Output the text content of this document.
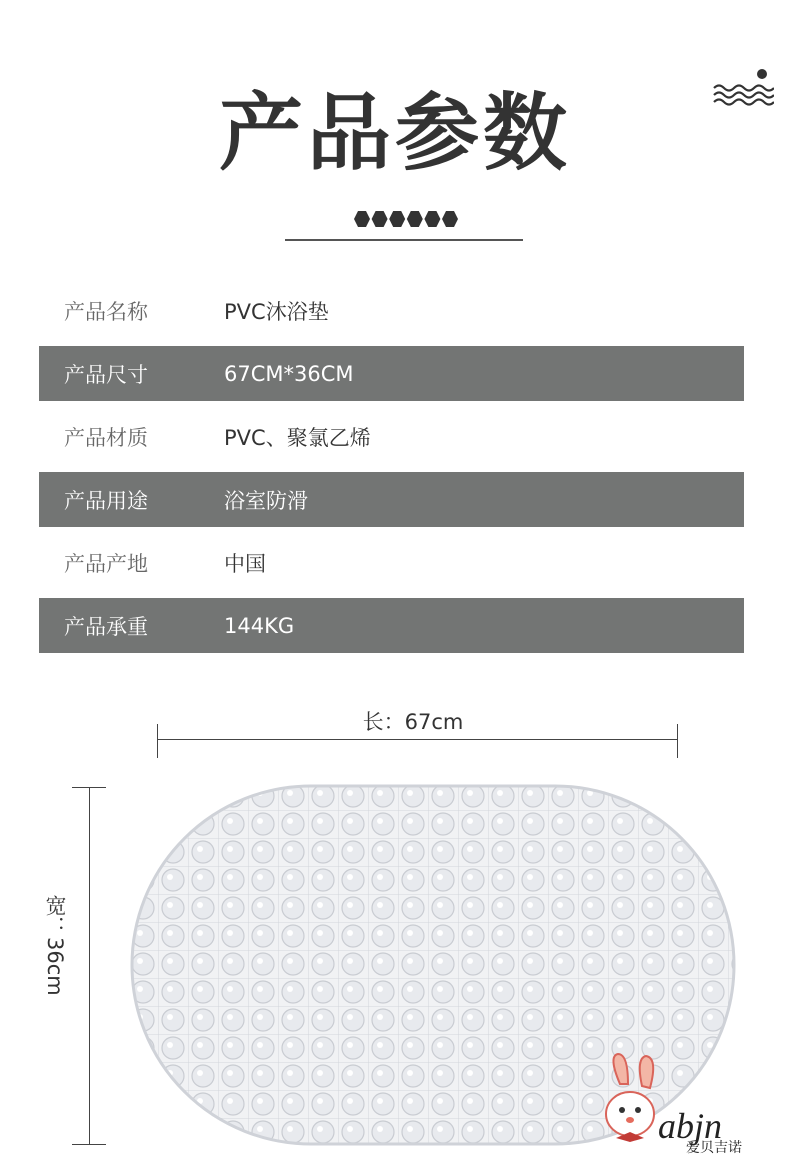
产品参数
产品名称	PVC沐浴垫
产品尺寸	67CM*36CM
产品材质	PVC、聚氯乙烯
产品用途	浴室防滑
产品产地	中国
产品承重	144KG
长：67cm
宽：36cm
abjn
爱贝吉诺
